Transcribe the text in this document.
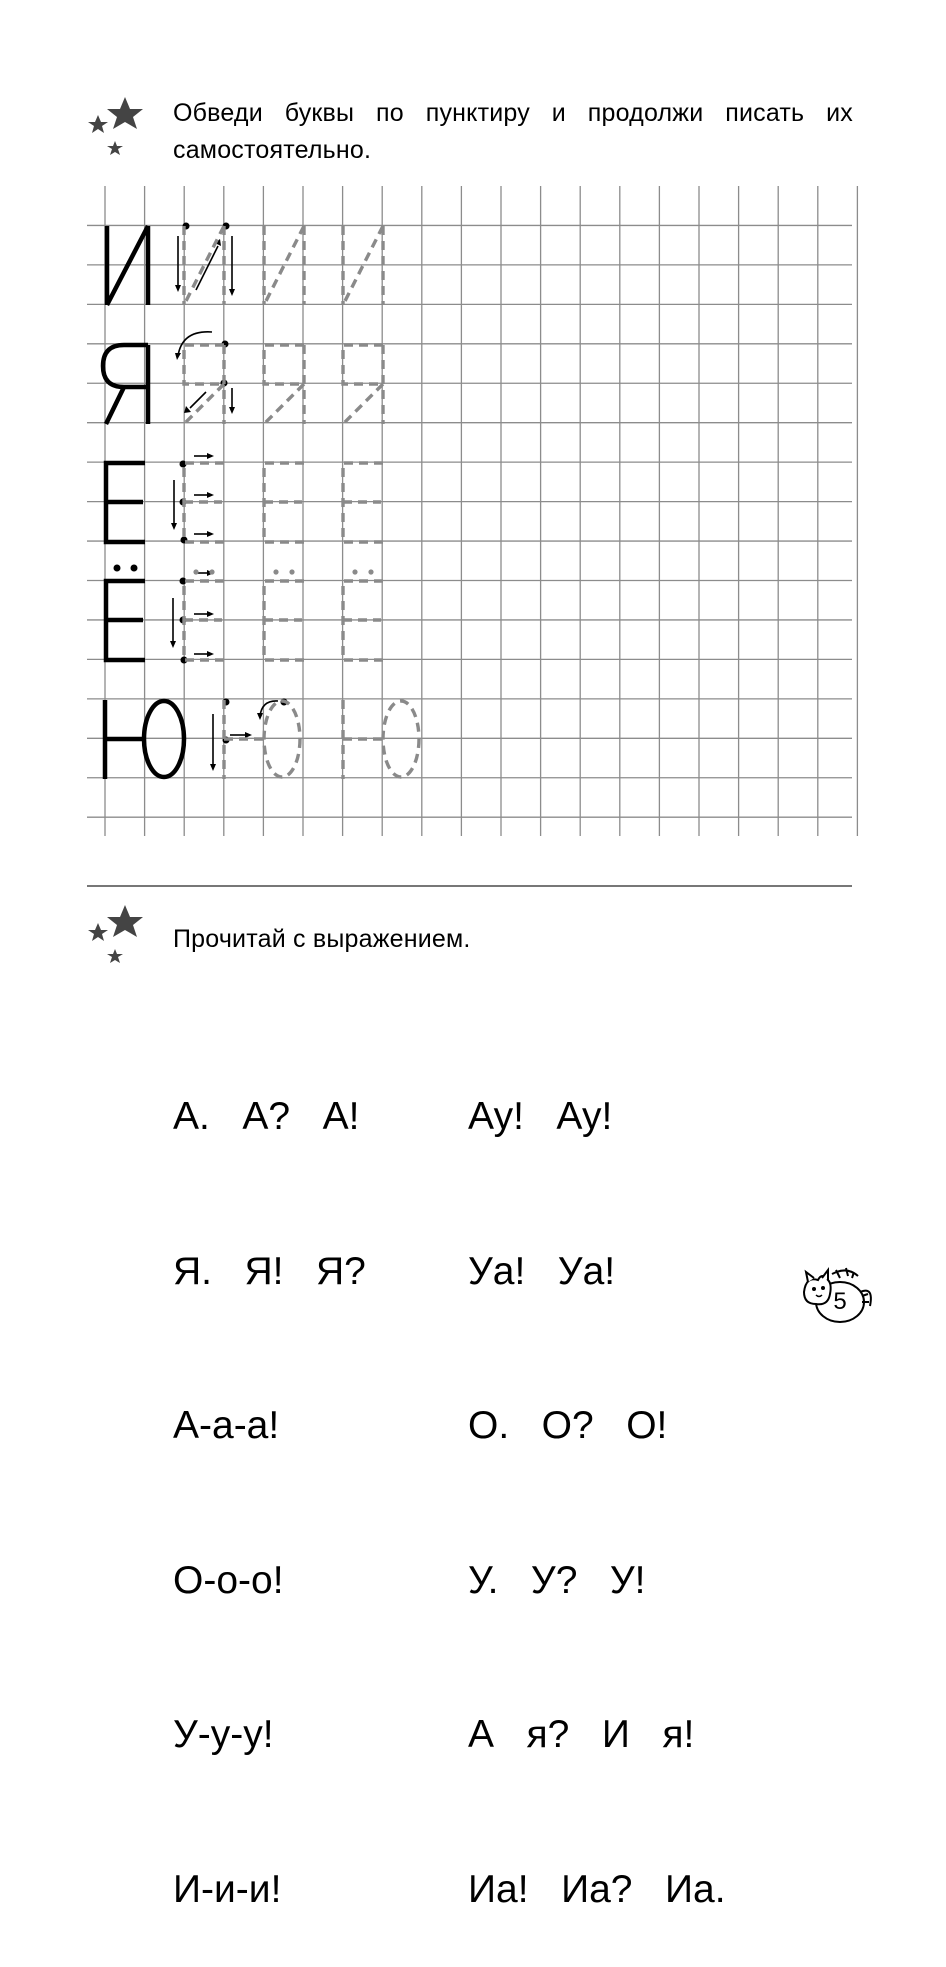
Обведи буквы по пунктиру и продолжи писать их самостоятельно.
Прочитай с выражением.

А.   А?   А!

Я.   Я!   Я?

А-а-а!

О-о-о!

У-у-у!

И-и-и!

Ау!   Ау!

Уа!   Уа!

О.   О?   О!

У.   У?   У!

А   я?   И   я!

Иа!   Иа?   Иа.

5
